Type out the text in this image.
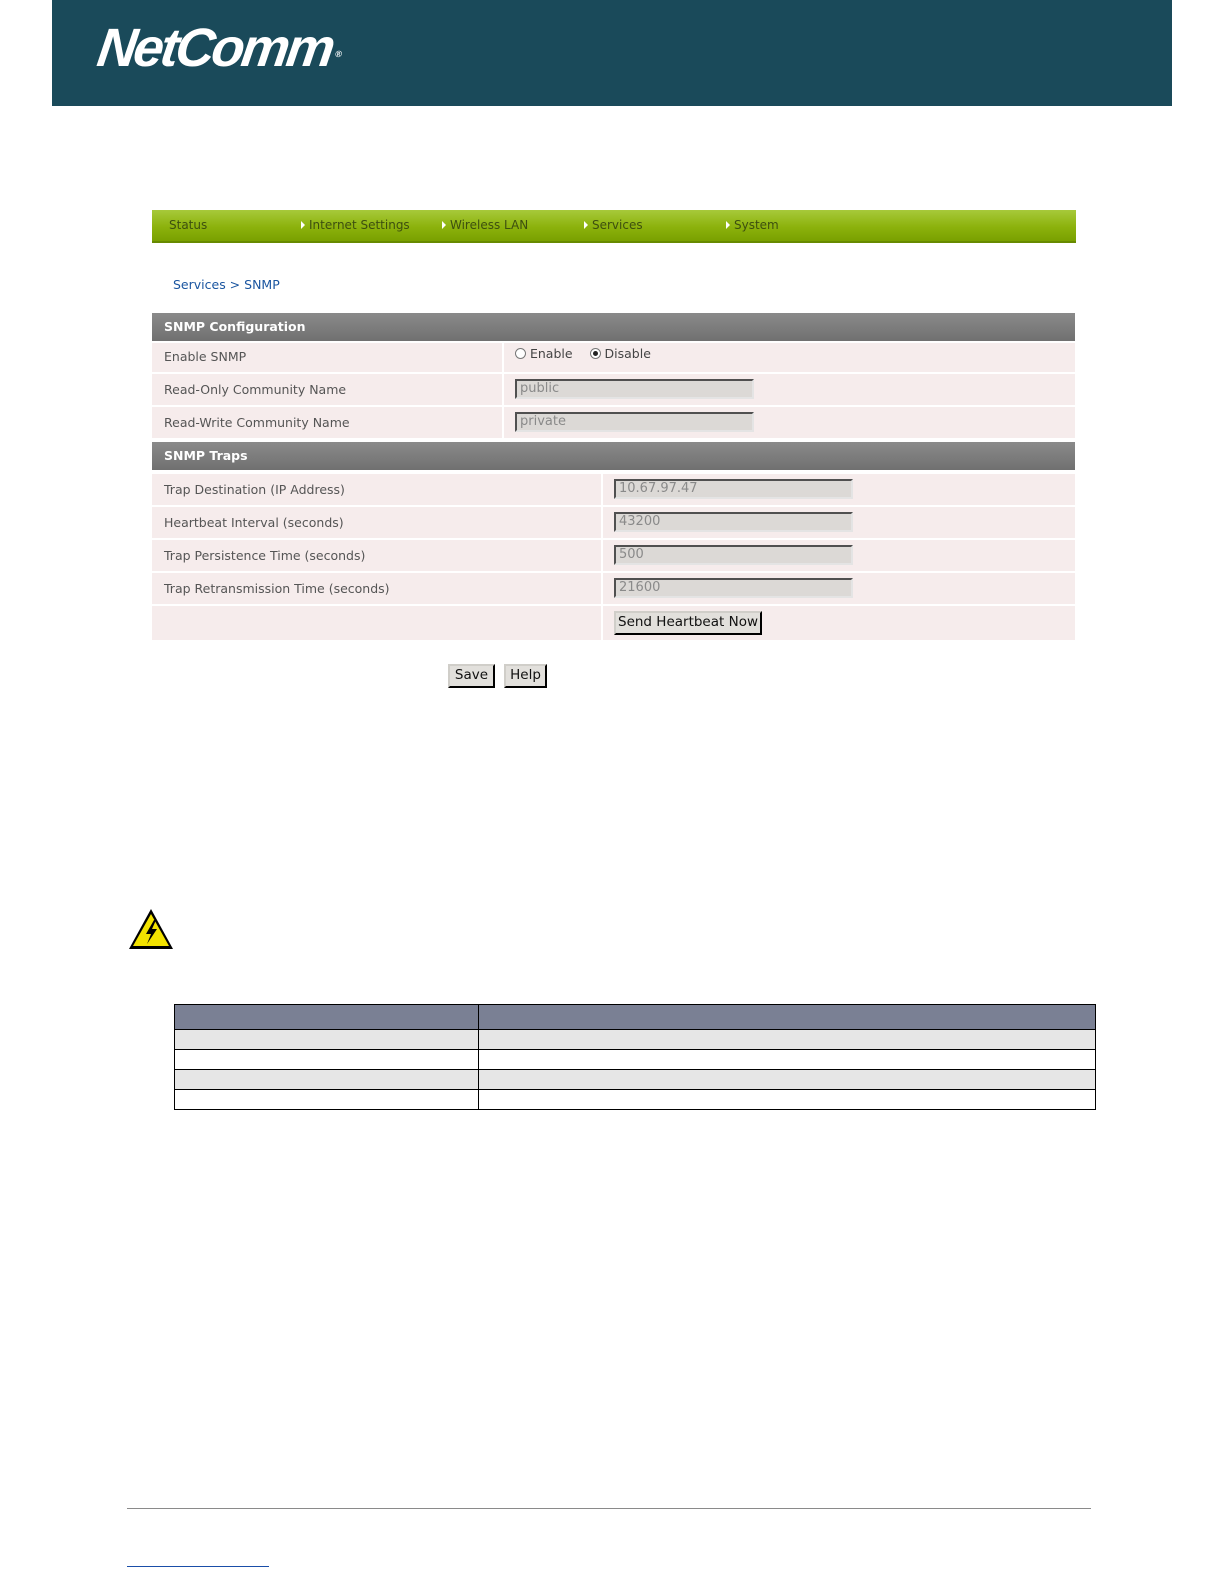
NetComm®
Status	Internet Settings	Wireless LAN	Services	System
Services > SNMP
SNMP Configuration
Enable SNMP	Enable	Disable
Read-Only Community Name	public
Read-Write Community Name	private
SNMP Traps
Trap Destination (IP Address)	10.67.97.47
Heartbeat Interval (seconds)	43200
Trap Persistence Time (seconds)	500
Trap Retransmission Time (seconds)	21600
Send Heartbeat Now
Save	Help
